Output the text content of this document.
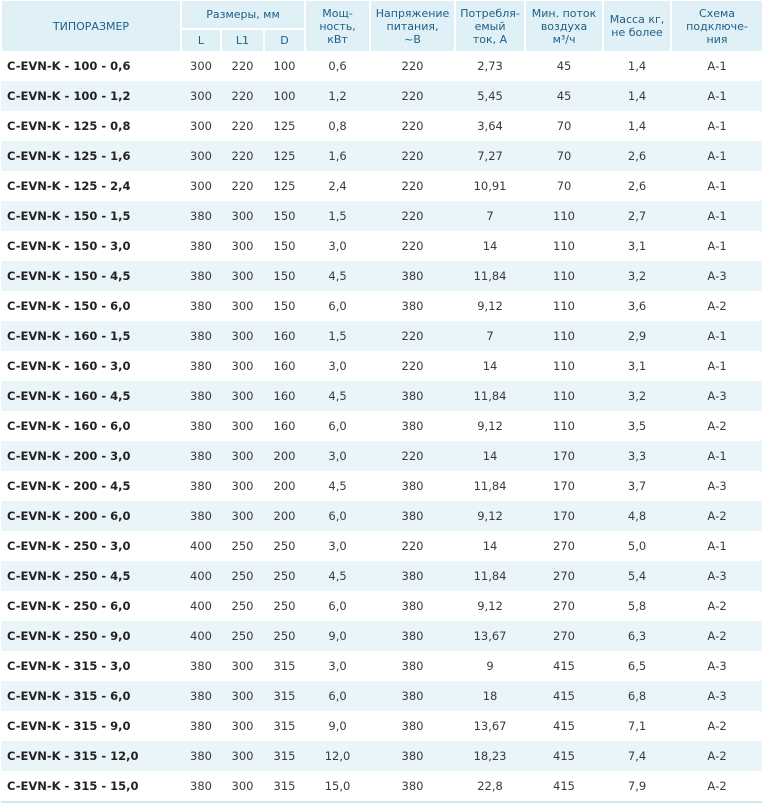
ТИПОРАЗМЕР	Размеры, мм			Мощ-
ность,
кВт	Напряжение
питания,
~В	Потребля-
емый
ток, А	Мин. поток
воздуха
м³/ч	Масса кг,
не более	Схема
подключе-
ния
	L	L1	D						
C-EVN-K - 100 - 0,6	300	220	100	0,6	220	2,73	45	1,4	А-1
C-EVN-K - 100 - 1,2	300	220	100	1,2	220	5,45	45	1,4	А-1
C-EVN-K - 125 - 0,8	300	220	125	0,8	220	3,64	70	1,4	А-1
C-EVN-K - 125 - 1,6	300	220	125	1,6	220	7,27	70	2,6	А-1
C-EVN-K - 125 - 2,4	300	220	125	2,4	220	10,91	70	2,6	А-1
C-EVN-K - 150 - 1,5	380	300	150	1,5	220	7	110	2,7	А-1
C-EVN-K - 150 - 3,0	380	300	150	3,0	220	14	110	3,1	А-1
C-EVN-K - 150 - 4,5	380	300	150	4,5	380	11,84	110	3,2	А-3
C-EVN-K - 150 - 6,0	380	300	150	6,0	380	9,12	110	3,6	А-2
C-EVN-K - 160 - 1,5	380	300	160	1,5	220	7	110	2,9	А-1
C-EVN-K - 160 - 3,0	380	300	160	3,0	220	14	110	3,1	А-1
C-EVN-K - 160 - 4,5	380	300	160	4,5	380	11,84	110	3,2	А-3
C-EVN-K - 160 - 6,0	380	300	160	6,0	380	9,12	110	3,5	А-2
C-EVN-K - 200 - 3,0	380	300	200	3,0	220	14	170	3,3	А-1
C-EVN-K - 200 - 4,5	380	300	200	4,5	380	11,84	170	3,7	А-3
C-EVN-K - 200 - 6,0	380	300	200	6,0	380	9,12	170	4,8	А-2
C-EVN-K - 250 - 3,0	400	250	250	3,0	220	14	270	5,0	А-1
C-EVN-K - 250 - 4,5	400	250	250	4,5	380	11,84	270	5,4	А-3
C-EVN-K - 250 - 6,0	400	250	250	6,0	380	9,12	270	5,8	А-2
C-EVN-K - 250 - 9,0	400	250	250	9,0	380	13,67	270	6,3	А-2
C-EVN-K - 315 - 3,0	380	300	315	3,0	380	9	415	6,5	А-3
C-EVN-K - 315 - 6,0	380	300	315	6,0	380	18	415	6,8	А-3
C-EVN-K - 315 - 9,0	380	300	315	9,0	380	13,67	415	7,1	А-2
C-EVN-K - 315 - 12,0	380	300	315	12,0	380	18,23	415	7,4	А-2
C-EVN-K - 315 - 15,0	380	300	315	15,0	380	22,8	415	7,9	А-2
